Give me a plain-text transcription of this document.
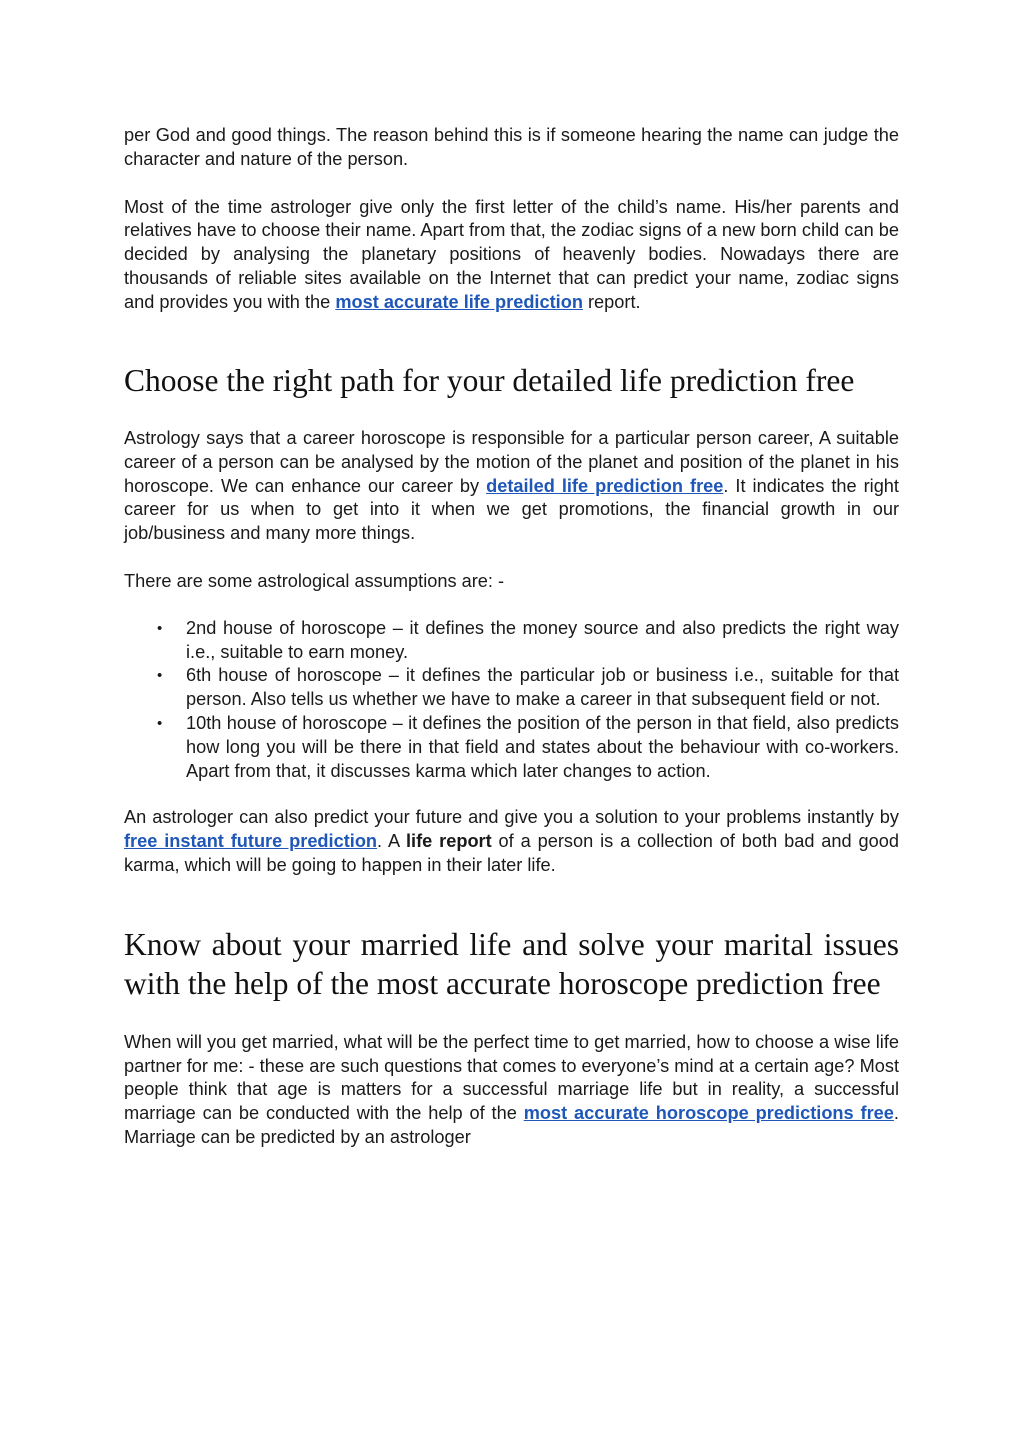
per God and good things. The reason behind this is if someone hearing the name can judge the character and nature of the person.

Most of the time astrologer give only the first letter of the child’s name. His/her parents and relatives have to choose their name. Apart from that, the zodiac signs of a new born child can be decided by analysing the planetary positions of heavenly bodies. Nowadays there are thousands of reliable sites available on the Internet that can predict your name, zodiac signs and provides you with the most accurate life prediction report.

Choose the right path for your detailed life prediction free

Astrology says that a career horoscope is responsible for a particular person career, A suitable career of a person can be analysed by the motion of the planet and position of the planet in his horoscope. We can enhance our career by detailed life prediction free. It indicates the right career for us when to get into it when we get promotions, the financial growth in our job/business and many more things.

There are some astrological assumptions are: -

• 2nd house of horoscope – it defines the money source and also predicts the right way i.e., suitable to earn money.
• 6th house of horoscope – it defines the particular job or business i.e., suitable for that person. Also tells us whether we have to make a career in that subsequent field or not.
• 10th house of horoscope – it defines the position of the person in that field, also predicts how long you will be there in that field and states about the behaviour with co-workers. Apart from that, it discusses karma which later changes to action.

An astrologer can also predict your future and give you a solution to your problems instantly by free instant future prediction. A life report of a person is a collection of both bad and good karma, which will be going to happen in their later life.

Know about your married life and solve your marital issues with the help of the most accurate horoscope prediction free

When will you get married, what will be the perfect time to get married, how to choose a wise life partner for me: - these are such questions that comes to everyone’s mind at a certain age? Most people think that age is matters for a successful marriage life but in reality, a successful marriage can be conducted with the help of the most accurate horoscope predictions free. Marriage can be predicted by an astrologer
